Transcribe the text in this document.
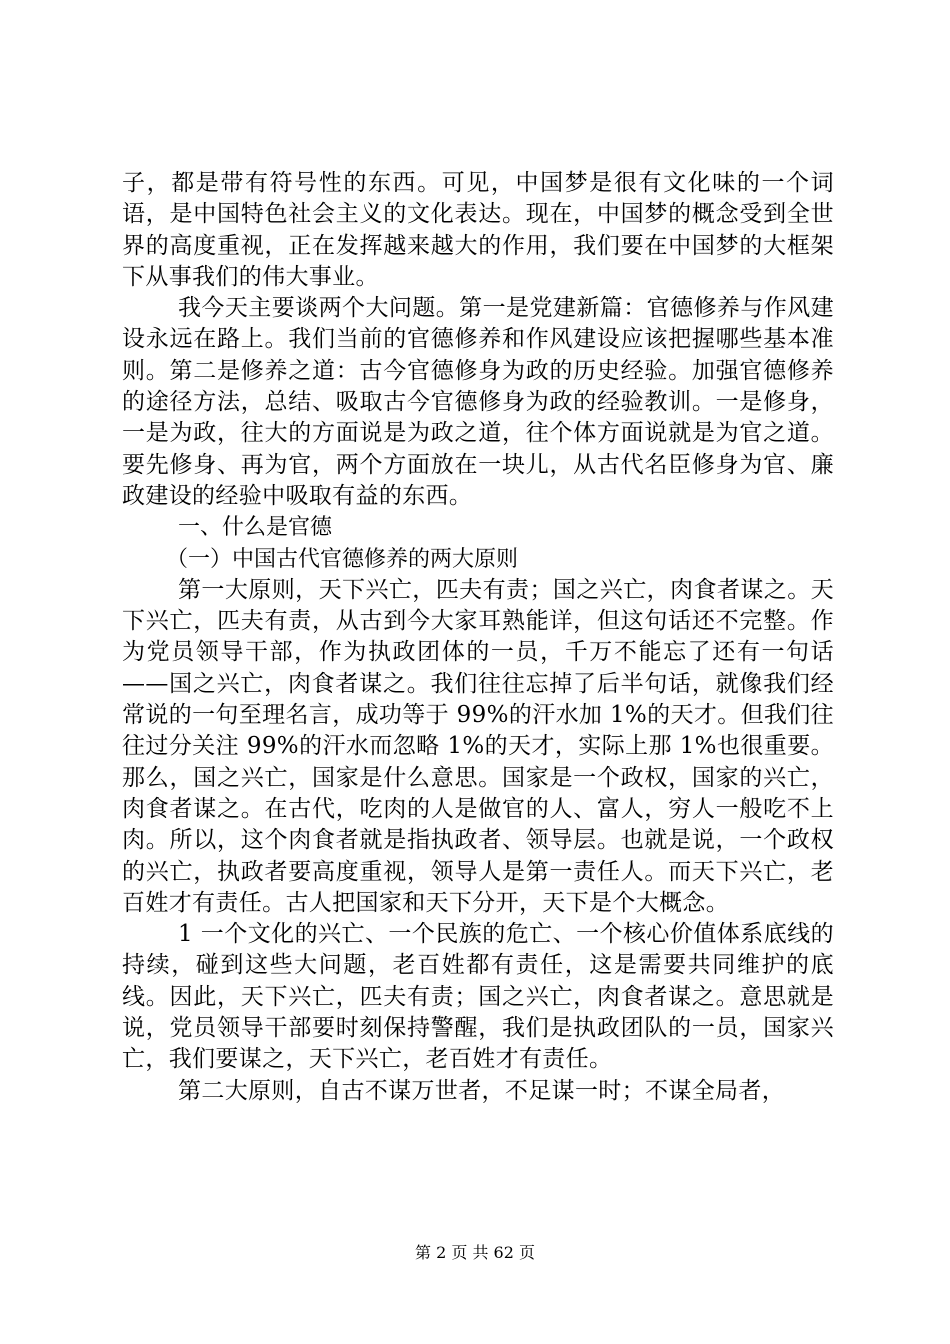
子，都是带有符号性的东西。可见，中国梦是很有文化味的一个词语，是中国特色社会主义的文化表达。现在，中国梦的概念受到全世界的高度重视，正在发挥越来越大的作用，我们要在中国梦的大框架下从事我们的伟大事业。

我今天主要谈两个大问题。第一是党建新篇：官德修养与作风建设永远在路上。我们当前的官德修养和作风建设应该把握哪些基本准则。第二是修养之道：古今官德修身为政的历史经验。加强官德修养的途径方法，总结、吸取古今官德修身为政的经验教训。一是修身，一是为政，往大的方面说是为政之道，往个体方面说就是为官之道。要先修身、再为官，两个方面放在一块儿，从古代名臣修身为官、廉政建设的经验中吸取有益的东西。

一、什么是官德

（一）中国古代官德修养的两大原则

第一大原则，天下兴亡，匹夫有责；国之兴亡，肉食者谋之。天下兴亡，匹夫有责，从古到今大家耳熟能详，但这句话还不完整。作为党员领导干部，作为执政团体的一员，千万不能忘了还有一句话——国之兴亡，肉食者谋之。我们往往忘掉了后半句话，就像我们经常说的一句至理名言，成功等于 99%的汗水加 1%的天才。但我们往往过分关注 99%的汗水而忽略 1%的天才，实际上那 1%也很重要。那么，国之兴亡，国家是什么意思。国家是一个政权，国家的兴亡，肉食者谋之。在古代，吃肉的人是做官的人、富人，穷人一般吃不上肉。所以，这个肉食者就是指执政者、领导层。也就是说，一个政权的兴亡，执政者要高度重视，领导人是第一责任人。而天下兴亡，老百姓才有责任。古人把国家和天下分开，天下是个大概念。

1 一个文化的兴亡、一个民族的危亡、一个核心价值体系底线的持续，碰到这些大问题，老百姓都有责任，这是需要共同维护的底线。因此，天下兴亡，匹夫有责；国之兴亡，肉食者谋之。意思就是说，党员领导干部要时刻保持警醒，我们是执政团队的一员，国家兴亡，我们要谋之，天下兴亡，老百姓才有责任。

第二大原则，自古不谋万世者，不足谋一时；不谋全局者，

第 2 页 共 62 页
